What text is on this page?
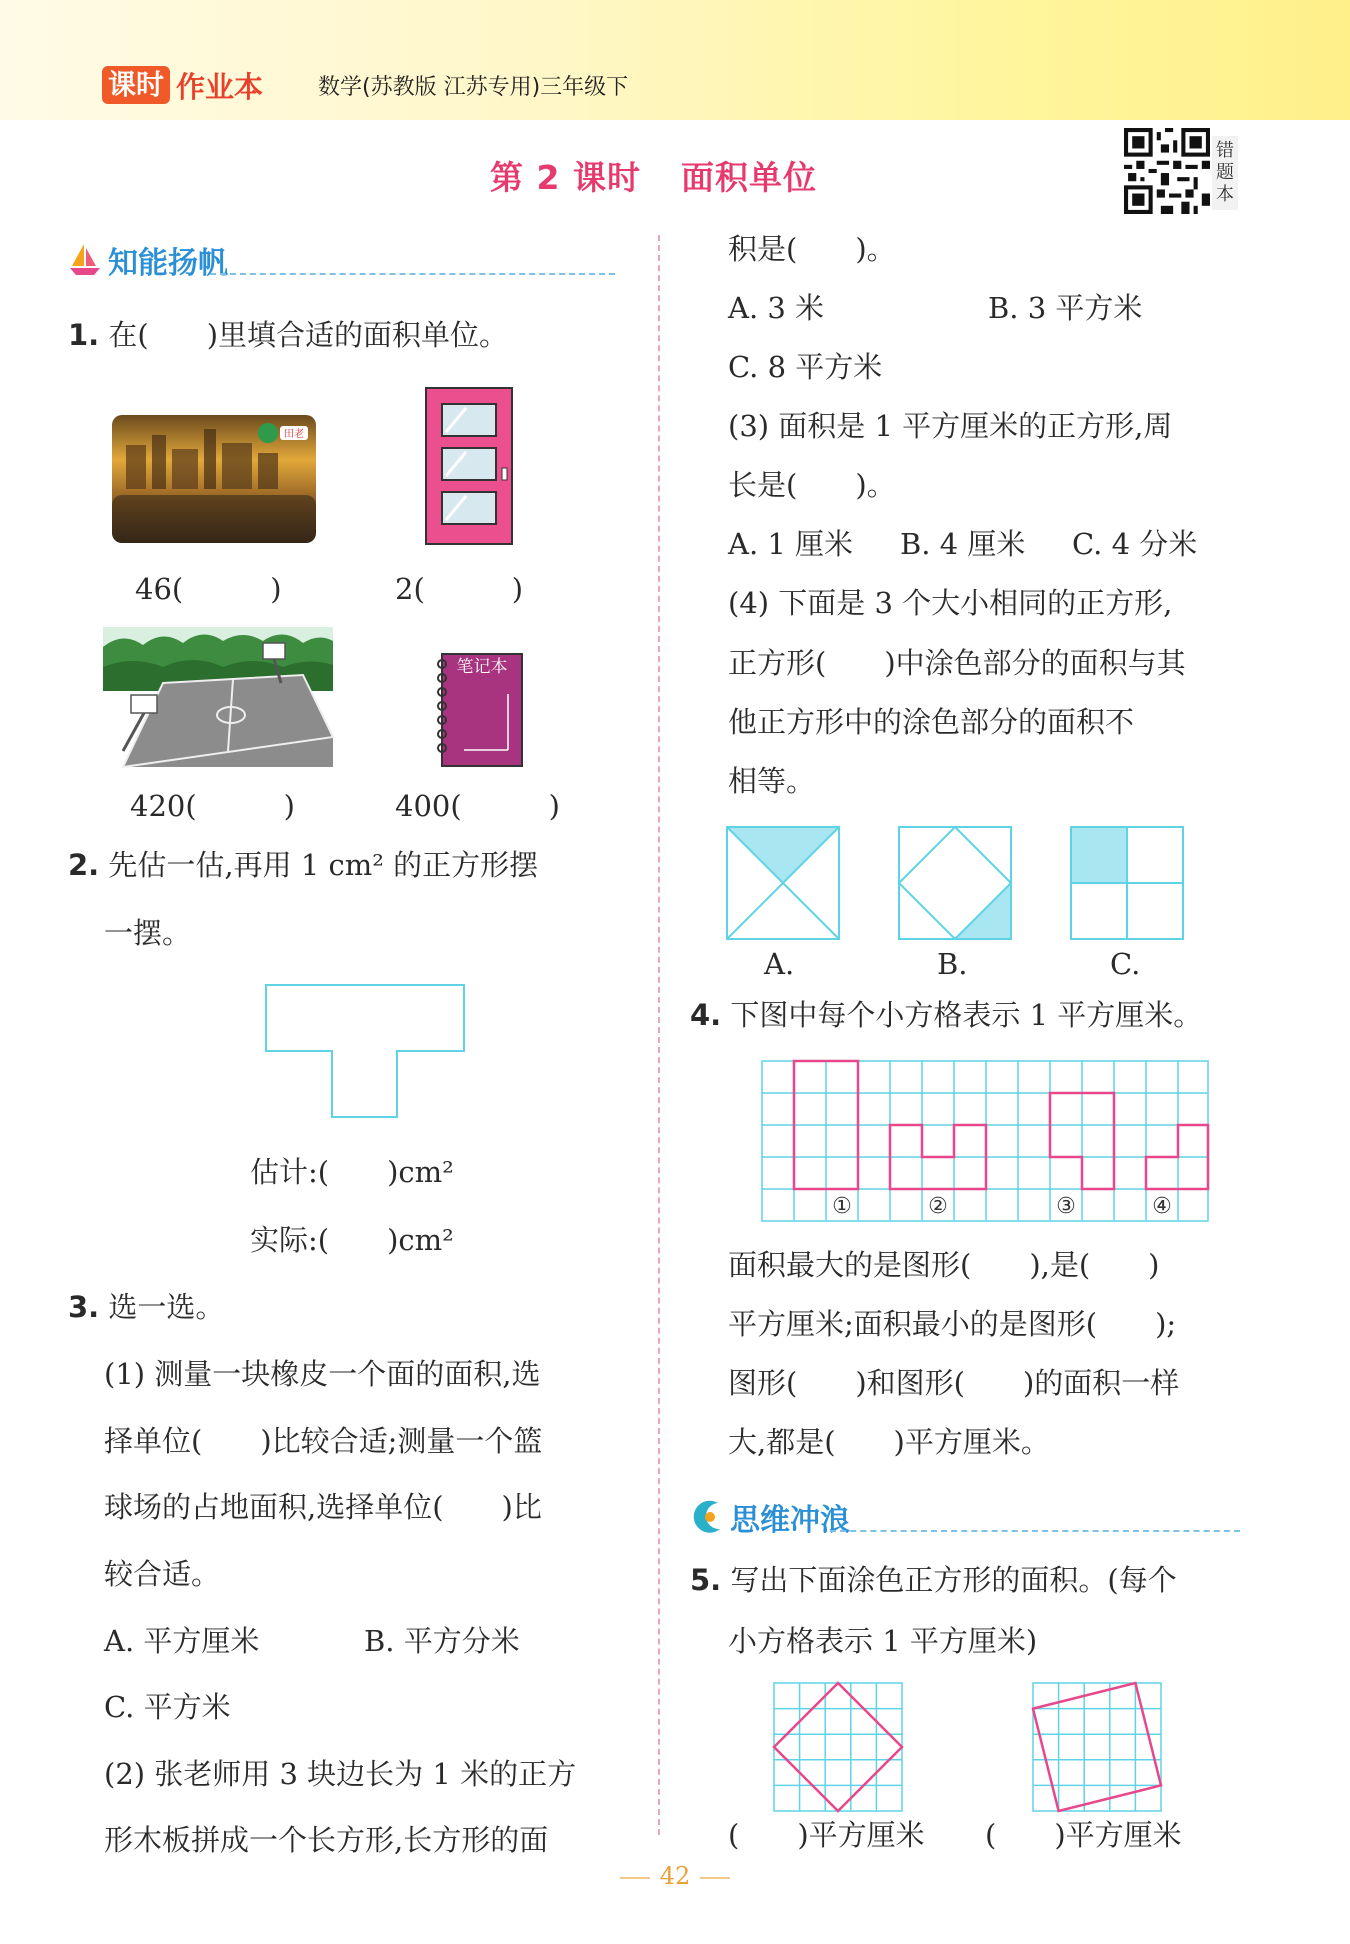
课时 作业本 数学(苏教版 江苏专用)三年级下
第 2 课时 面积单位
错题本
知能扬帆
1. 在(　　)里填合适的面积单位。
田老
46(　　　)	2(　　　)
420(　　　)
笔记本
400(　　　)
2. 先估一估,再用 1 cm² 的正方形摆
一摆。
估计:(　　)cm²
实际:(　　)cm²
3. 选一选。
(1) 测量一块橡皮一个面的面积,选
择单位(　　)比较合适;测量一个篮
球场的占地面积,选择单位(　　)比
较合适。
A. 平方厘米	B. 平方分米
C. 平方米
(2) 张老师用 3 块边长为 1 米的正方
形木板拼成一个长方形,长方形的面
积是(　　)。
A. 3 米	B. 3 平方米
C. 8 平方米
(3) 面积是 1 平方厘米的正方形,周
长是(　　)。
A. 1 厘米 B. 4 厘米 C. 4 分米
(4) 下面是 3 个大小相同的正方形,
正方形(　　)中涂色部分的面积与其
他正方形中的涂色部分的面积不
相等。
A.	B.	C.
4. 下图中每个小方格表示 1 平方厘米。
①	②	③	④
面积最大的是图形(　　),是(　　)
平方厘米;面积最小的是图形(　　);
图形(　　)和图形(　　)的面积一样
大,都是(　　)平方厘米。
思维冲浪
5. 写出下面涂色正方形的面积。(每个
小方格表示 1 平方厘米)
(　　)平方厘米 (　　)平方厘米
42
